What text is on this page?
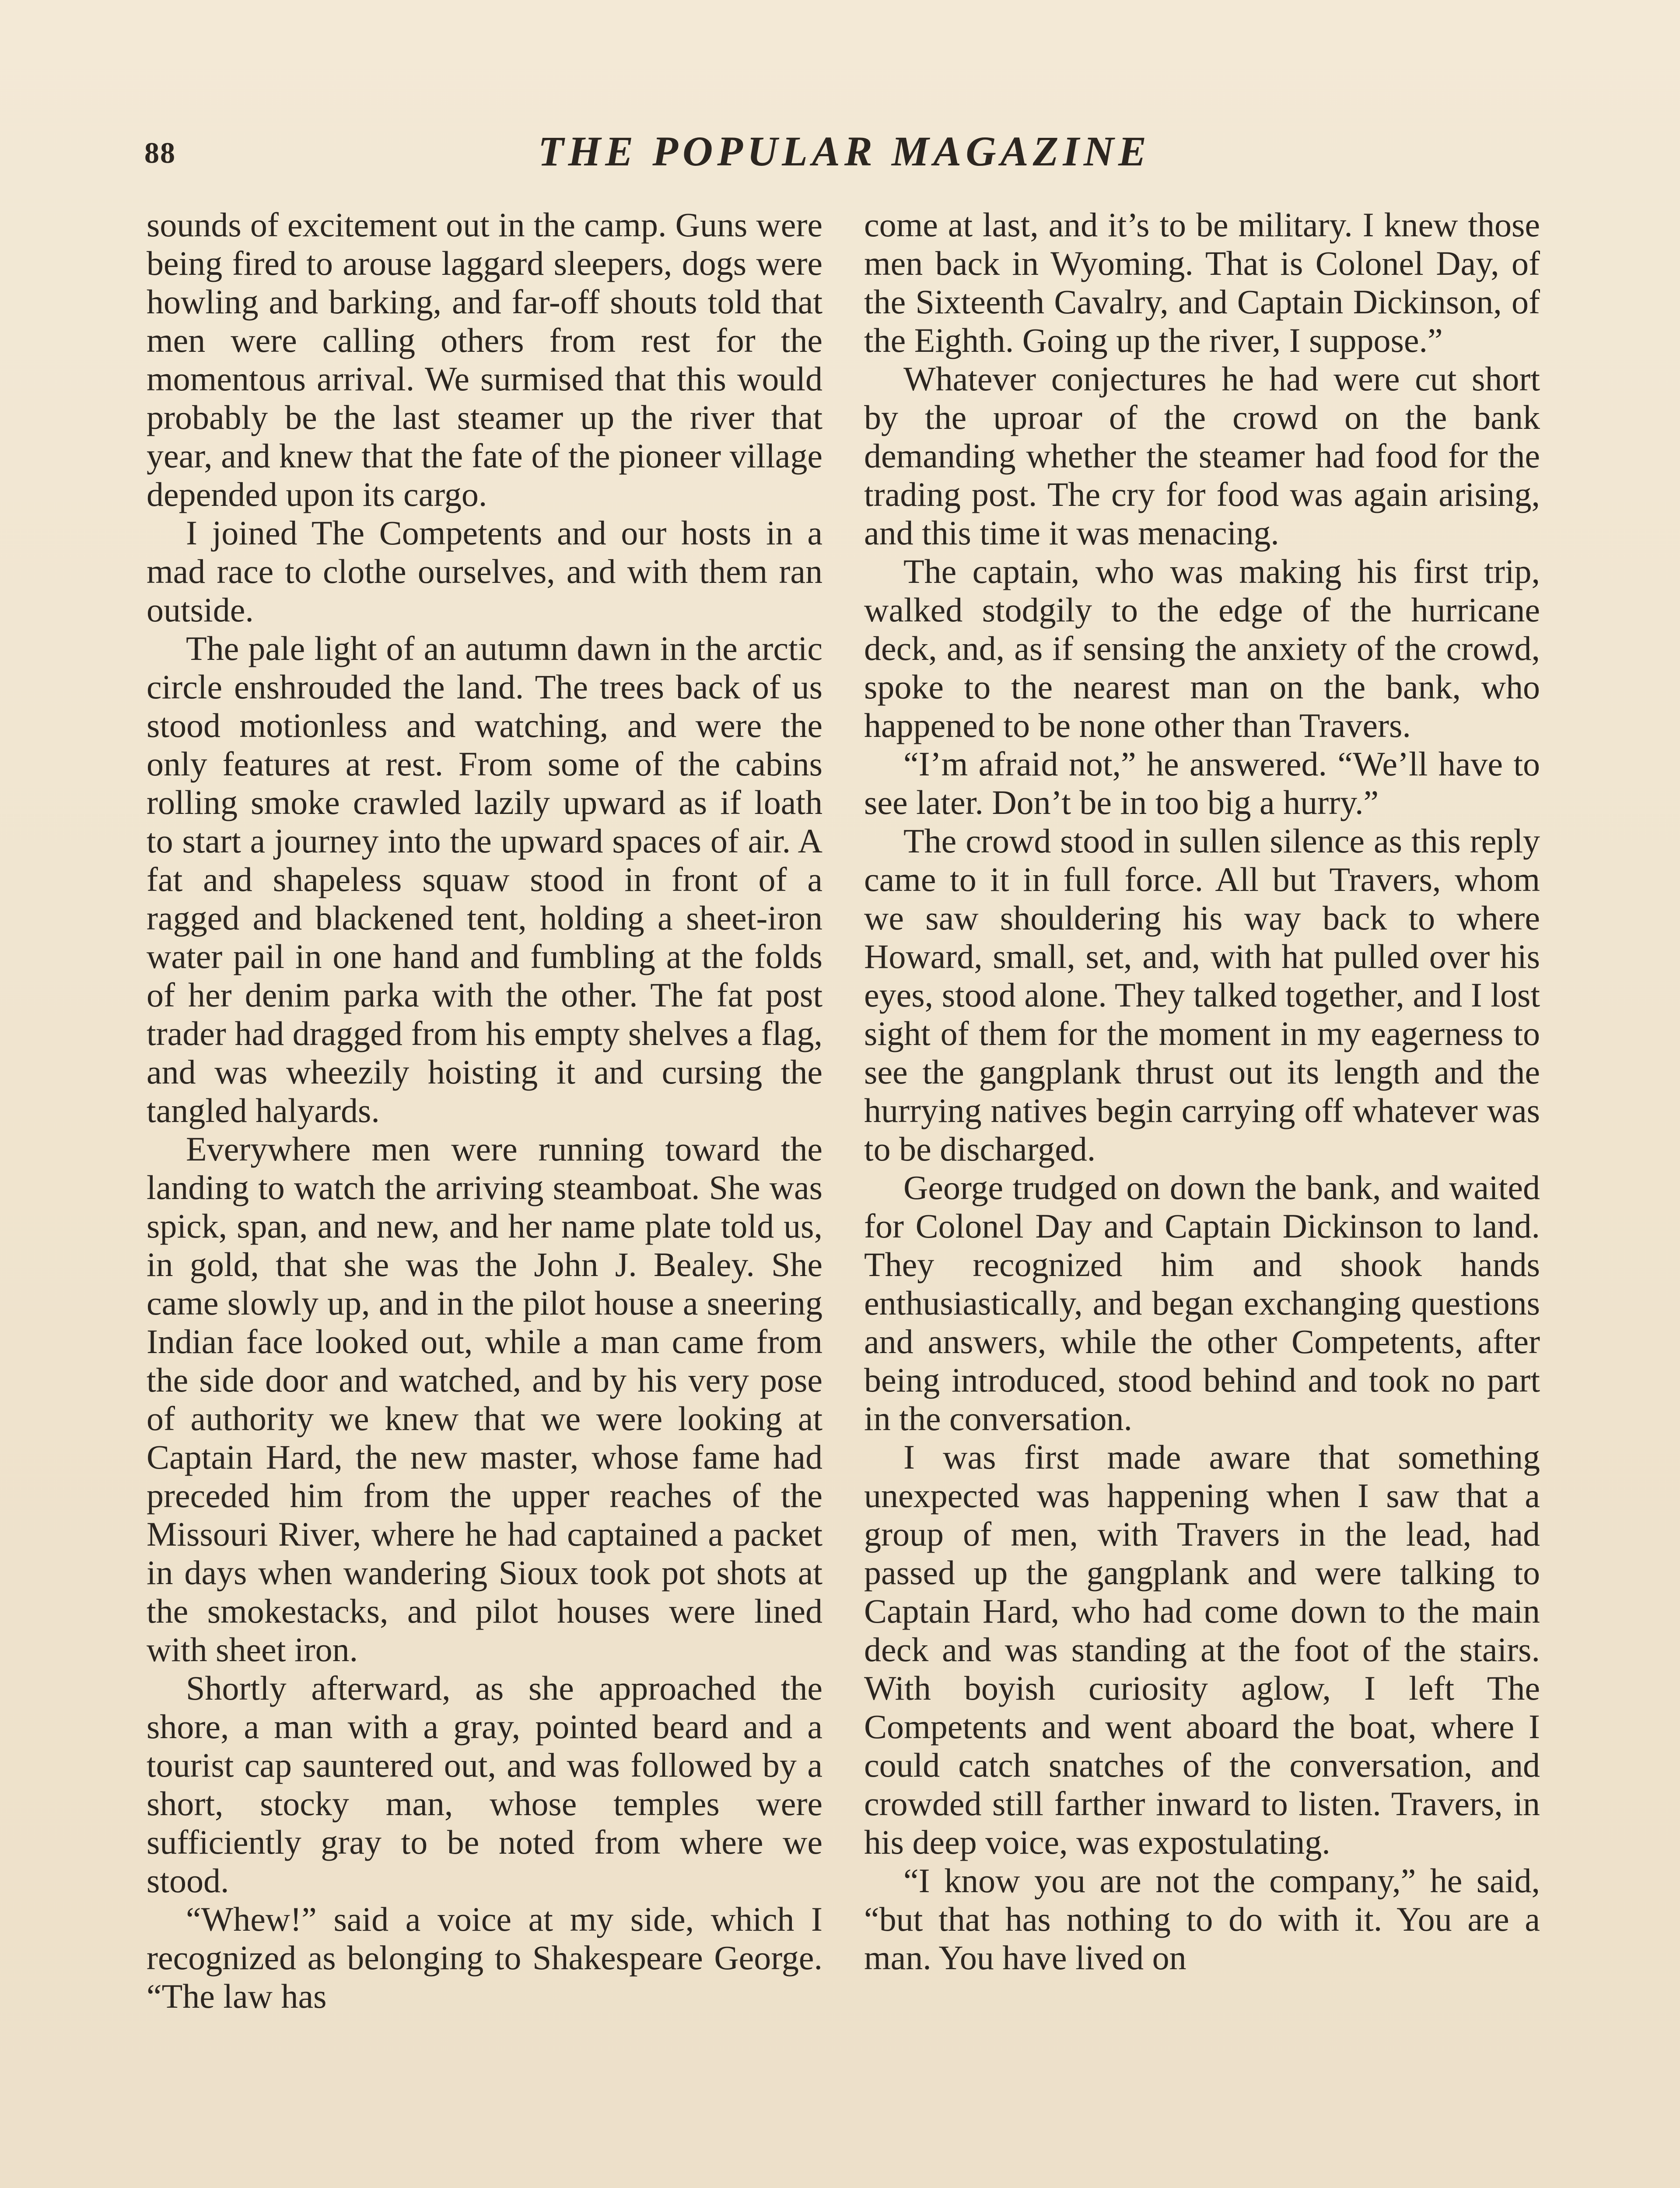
88	THE POPULAR MAGAZINE

sounds of excitement out in the camp. Guns were being fired to arouse laggard sleepers, dogs were howling and barking, and far-off shouts told that men were calling others from rest for the momentous arrival. We surmised that this would probably be the last steamer up the river that year, and knew that the fate of the pioneer village depended upon its cargo.

I joined The Competents and our hosts in a mad race to clothe ourselves, and with them ran outside.

The pale light of an autumn dawn in the arctic circle enshrouded the land. The trees back of us stood motionless and watching, and were the only features at rest. From some of the cabins rolling smoke crawled lazily upward as if loath to start a journey into the upward spaces of air. A fat and shapeless squaw stood in front of a ragged and blackened tent, holding a sheet-iron water pail in one hand and fumbling at the folds of her denim parka with the other. The fat post trader had dragged from his empty shelves a flag, and was wheezily hoisting it and cursing the tangled halyards.

Everywhere men were running toward the landing to watch the arriving steamboat. She was spick, span, and new, and her name plate told us, in gold, that she was the John J. Bealey. She came slowly up, and in the pilot house a sneering Indian face looked out, while a man came from the side door and watched, and by his very pose of authority we knew that we were looking at Captain Hard, the new master, whose fame had preceded him from the upper reaches of the Missouri River, where he had captained a packet in days when wandering Sioux took pot shots at the smokestacks, and pilot houses were lined with sheet iron.

Shortly afterward, as she approached the shore, a man with a gray, pointed beard and a tourist cap sauntered out, and was followed by a short, stocky man, whose temples were sufficiently gray to be noted from where we stood.

“Whew!” said a voice at my side, which I recognized as belonging to Shakespeare George. “The law has

come at last, and it’s to be military. I knew those men back in Wyoming. That is Colonel Day, of the Sixteenth Cavalry, and Captain Dickinson, of the Eighth. Going up the river, I suppose.”

Whatever conjectures he had were cut short by the uproar of the crowd on the bank demanding whether the steamer had food for the trading post. The cry for food was again arising, and this time it was menacing.

The captain, who was making his first trip, walked stodgily to the edge of the hurricane deck, and, as if sensing the anxiety of the crowd, spoke to the nearest man on the bank, who happened to be none other than Travers.

“I’m afraid not,” he answered. “We’ll have to see later. Don’t be in too big a hurry.”

The crowd stood in sullen silence as this reply came to it in full force. All but Travers, whom we saw shouldering his way back to where Howard, small, set, and, with hat pulled over his eyes, stood alone. They talked together, and I lost sight of them for the moment in my eagerness to see the gangplank thrust out its length and the hurrying natives begin carrying off whatever was to be discharged.

George trudged on down the bank, and waited for Colonel Day and Captain Dickinson to land. They recognized him and shook hands enthusiastically, and began exchanging questions and answers, while the other Competents, after being introduced, stood behind and took no part in the conversation.

I was first made aware that something unexpected was happening when I saw that a group of men, with Travers in the lead, had passed up the gangplank and were talking to Captain Hard, who had come down to the main deck and was standing at the foot of the stairs. With boyish curiosity aglow, I left The Competents and went aboard the boat, where I could catch snatches of the conversation, and crowded still farther inward to listen. Travers, in his deep voice, was expostulating.

“I know you are not the company,” he said, “but that has nothing to do with it. You are a man. You have lived on
